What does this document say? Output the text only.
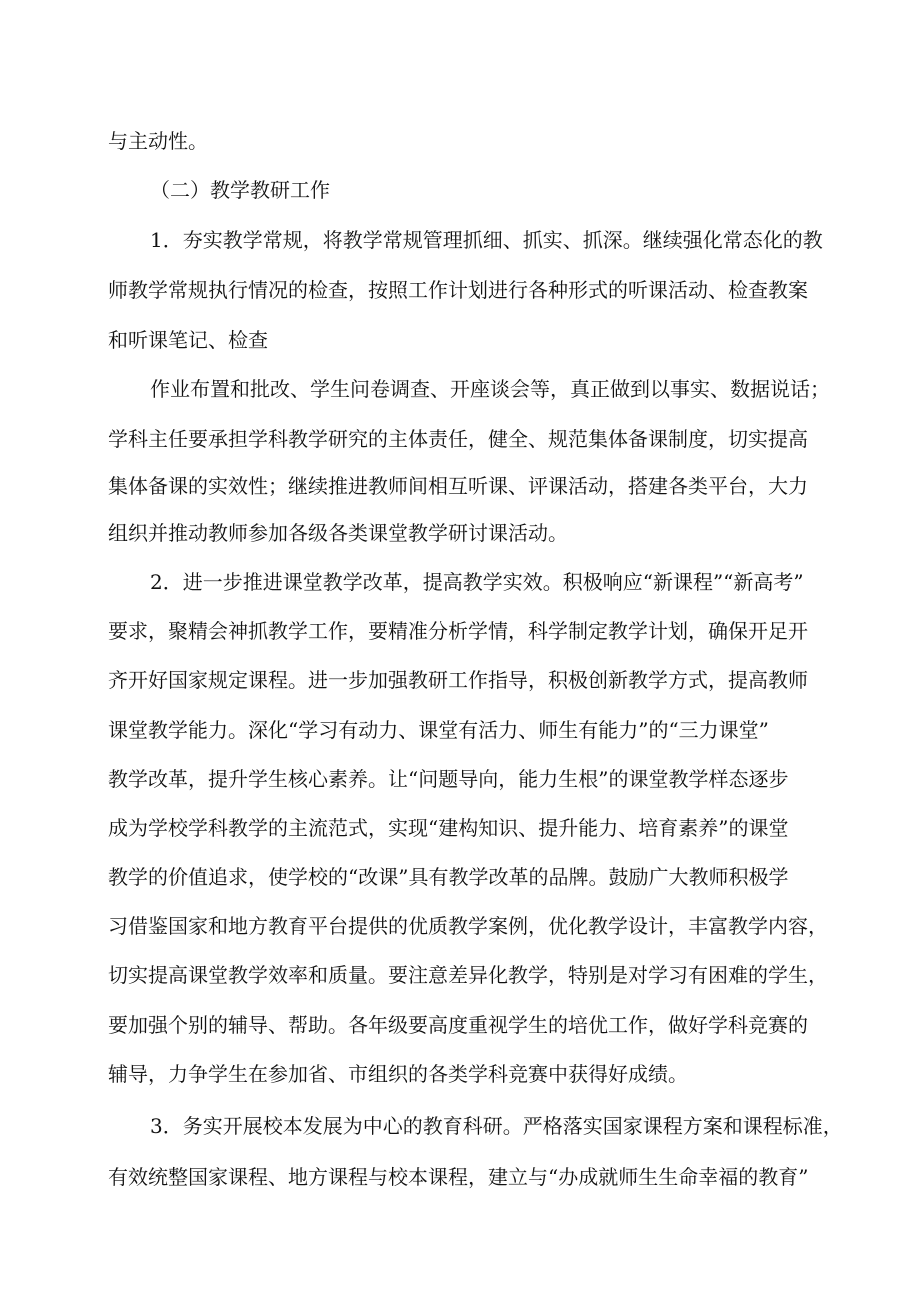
与主动性。
（二）教学教研工作
1．夯实教学常规，将教学常规管理抓细、抓实、抓深。继续强化常态化的教
师教学常规执行情况的检查，按照工作计划进行各种形式的听课活动、检查教案
和听课笔记、检查
作业布置和批改、学生问卷调查、开座谈会等，真正做到以事实、数据说话；
学科主任要承担学科教学研究的主体责任，健全、规范集体备课制度，切实提高
集体备课的实效性；继续推进教师间相互听课、评课活动，搭建各类平台，大力
组织并推动教师参加各级各类课堂教学研讨课活动。
2．进一步推进课堂教学改革，提高教学实效。积极响应“新课程”“新高考”
要求，聚精会神抓教学工作，要精准分析学情，科学制定教学计划，确保开足开
齐开好国家规定课程。进一步加强教研工作指导，积极创新教学方式，提高教师
课堂教学能力。深化“学习有动力、课堂有活力、师生有能力”的“三力课堂”
教学改革，提升学生核心素养。让“问题导向，能力生根”的课堂教学样态逐步
成为学校学科教学的主流范式，实现“建构知识、提升能力、培育素养”的课堂
教学的价值追求，使学校的“改课”具有教学改革的品牌。鼓励广大教师积极学
习借鉴国家和地方教育平台提供的优质教学案例，优化教学设计，丰富教学内容，
切实提高课堂教学效率和质量。要注意差异化教学，特别是对学习有困难的学生，
要加强个别的辅导、帮助。各年级要高度重视学生的培优工作，做好学科竞赛的
辅导，力争学生在参加省、市组织的各类学科竞赛中获得好成绩。
3．务实开展校本发展为中心的教育科研。严格落实国家课程方案和课程标准，
有效统整国家课程、地方课程与校本课程，建立与“办成就师生生命幸福的教育”
